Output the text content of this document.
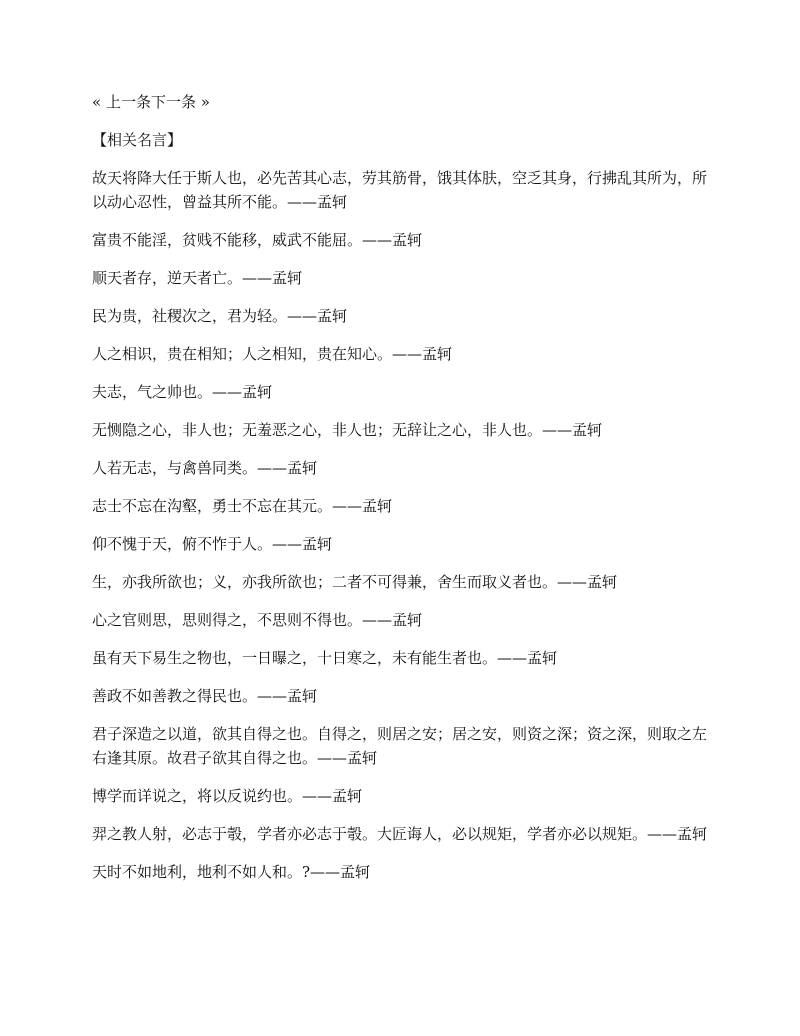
« 上一条下一条 »
【相关名言】
故天将降大任于斯人也，必先苦其心志，劳其筋骨，饿其体肤，空乏其身，行拂乱其所为，所以动心忍性，曾益其所不能。——孟轲
富贵不能淫，贫贱不能移，威武不能屈。——孟轲
顺天者存，逆天者亡。——孟轲
民为贵，社稷次之，君为轻。——孟轲
人之相识，贵在相知；人之相知，贵在知心。——孟轲
夫志，气之帅也。——孟轲
无恻隐之心，非人也；无羞恶之心，非人也；无辞让之心，非人也。——孟轲
人若无志，与禽兽同类。——孟轲
志士不忘在沟壑，勇士不忘在其元。——孟轲
仰不愧于天，俯不怍于人。——孟轲
生，亦我所欲也；义，亦我所欲也；二者不可得兼，舍生而取义者也。——孟轲
心之官则思，思则得之，不思则不得也。——孟轲
虽有天下易生之物也，一日曝之，十日寒之，未有能生者也。——孟轲
善政不如善教之得民也。——孟轲
君子深造之以道，欲其自得之也。自得之，则居之安；居之安，则资之深；资之深，则取之左右逢其原。故君子欲其自得之也。——孟轲
博学而详说之，将以反说约也。——孟轲
羿之教人射，必志于彀，学者亦必志于彀。大匠诲人，必以规矩，学者亦必以规矩。——孟轲
天时不如地利，地利不如人和。?——孟轲
